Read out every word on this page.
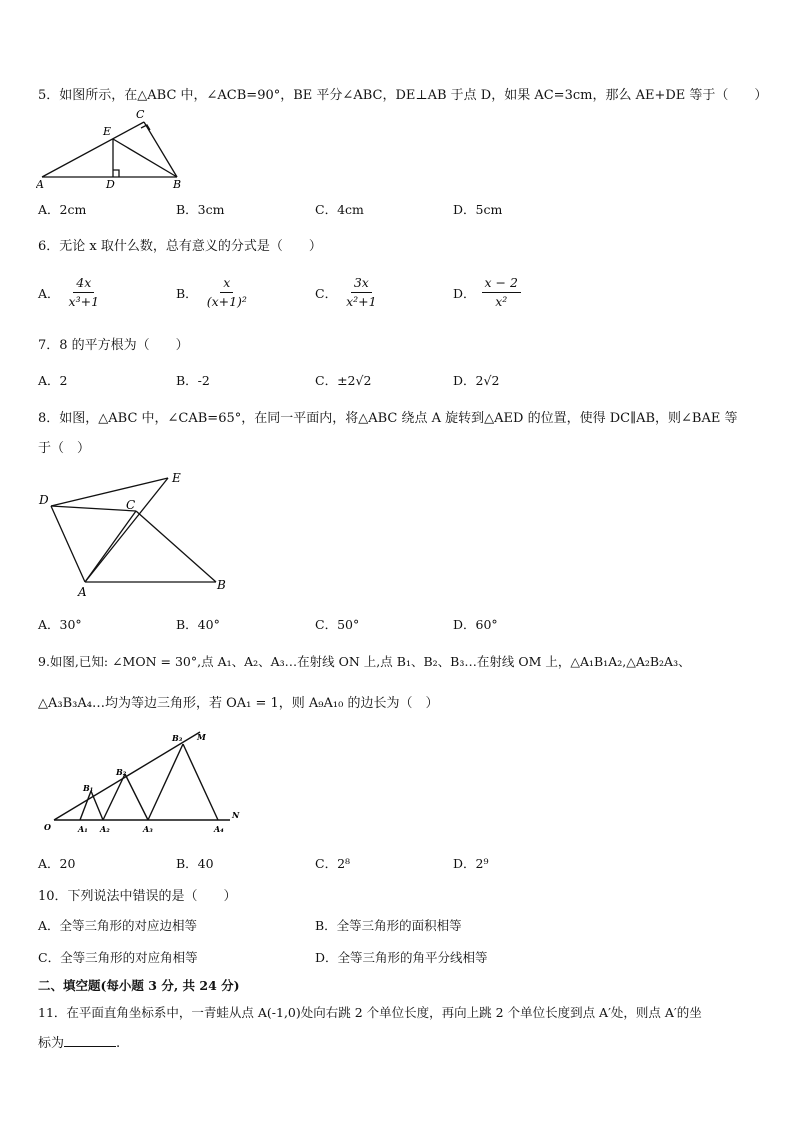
5．如图所示，在△ABC 中，∠ACB=90°，BE 平分∠ABC，DE⊥AB 于点 D，如果 AC=3cm，那么 AE+DE 等于（　　）
A	D	B
C
E
A．2cm	B．3cm	C．4cm	D．5cm
6．无论 x 取什么数，总有意义的分式是（　　）
A． $\frac{4x}{\text{x³+1}}$	B． $\frac{x}{\text{(x+1)²}}$	C． $\frac{3x}{\text{x²+1}}$	D． $\frac{x - 2}{\text{x²}}$
7．8 的平方根为（　　）
A．2	B．-2	C．±2√2	D．2√2
8．如图，△ABC 中，∠CAB=65°，在同一平面内，将△ABC 绕点 A 旋转到△AED 的位置，使得 DC∥AB，则∠BAE 等
于（　）
D	C
E
A	B
A．30°	B．40°	C．50°	D．60°
9.如图,已知: ∠MON = 30°,点 A₁、A₂、A₃…在射线 ON 上,点 B₁、B₂、B₃…在射线 OM 上，△A₁B₁A₂,△A₂B₂A₃、
△A₃B₃A₄…均为等边三角形，若 OA₁ = 1，则 A₉A₁₀ 的边长为（　）
O	A₁ A₂	A₃	A₄
N
B₁
B₂
B₃ M
A．20	B．40	C．2⁸	D．2⁹
10．下列说法中错误的是（　　）
A．全等三角形的对应边相等	B．全等三角形的面积相等
C．全等三角形的对应角相等	D．全等三角形的角平分线相等
二、填空题(每小题 3 分, 共 24 分)
11．在平面直角坐标系中，一青蛙从点 A(-1,0)处向右跳 2 个单位长度，再向上跳 2 个单位长度到点 A′处，则点 A′的坐
标为	.
